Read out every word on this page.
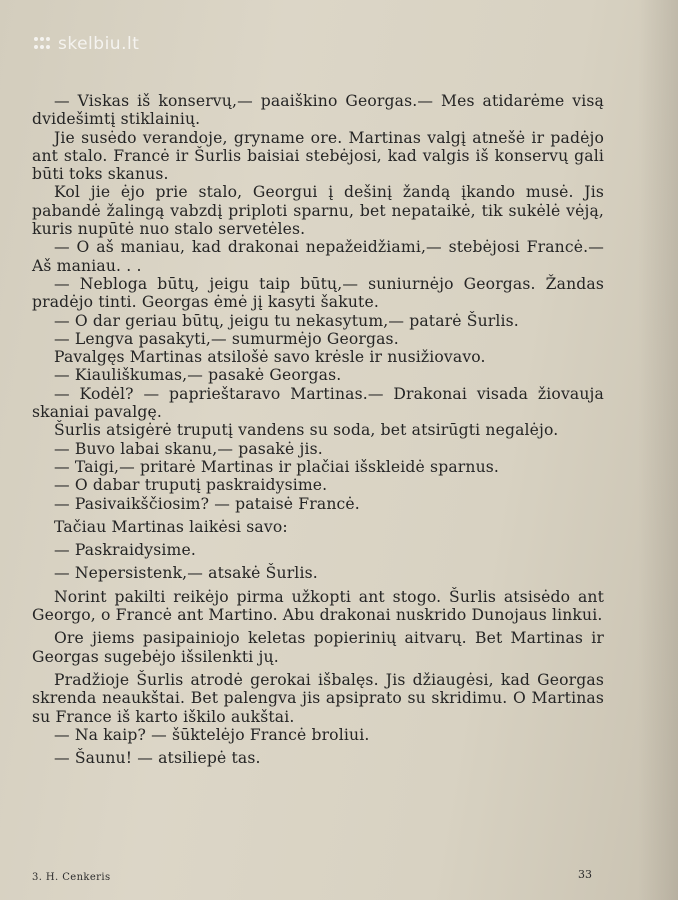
skelbiu.lt

— Viskas iš konservų,— paaiškino Georgas.— Mes atidarėme visą dvidešimtį stiklainių.

Jie susėdo verandoje, gryname ore. Martinas valgį atnešė ir padėjo ant stalo. Francė ir Šurlis baisiai stebėjosi, kad valgis iš konservų gali būti toks skanus.

Kol jie ėjo prie stalo, Georgui į dešinį žandą įkando musė. Jis pabandė žalingą vabzdį priploti sparnu, bet nepataikė, tik sukėlė vėją, kuris nupūtė nuo stalo servetėles.

— O aš maniau, kad drakonai nepažeidžiami,— stebėjosi Francė.— Aš maniau. . .

— Nebloga būtų, jeigu taip būtų,— suniurnėjo Georgas. Žandas pradėjo tinti. Georgas ėmė jį kasyti šakute.

— O dar geriau būtų, jeigu tu nekasytum,— patarė Šurlis.

— Lengva pasakyti,— sumurmėjo Georgas.

Pavalgęs Martinas atsilošė savo krėsle ir nusižiovavo.

— Kiauliškumas,— pasakė Georgas.

— Kodėl? — paprieštaravo Martinas.— Drakonai visada žiovauja skaniai pavalgę.

Šurlis atsigėrė truputį vandens su soda, bet atsirūgti negalėjo.

— Buvo labai skanu,— pasakė jis.

— Taigi,— pritarė Martinas ir plačiai išskleidė sparnus.

— O dabar truputį paskraidysime.

— Pasivaikščiosim? — pataisė Francė.

Tačiau Martinas laikėsi savo:

— Paskraidysime.

— Nepersistenk,— atsakė Šurlis.

Norint pakilti reikėjo pirma užkopti ant stogo. Šurlis atsisėdo ant Georgo, o Francė ant Martino. Abu drakonai nuskrido Dunojaus linkui.

Ore jiems pasipainiojo keletas popierinių aitvarų. Bet Martinas ir Georgas sugebėjo išsilenkti jų.

Pradžioje Šurlis atrodė gerokai išbalęs. Jis džiaugėsi, kad Georgas skrenda neaukštai. Bet palengva jis apsiprato su skridimu. O Martinas su France iš karto iškilo aukštai.

— Na kaip? — šūktelėjo Francė broliui.

— Šaunu! — atsiliepė tas.

3. H. Cenkeris	33
